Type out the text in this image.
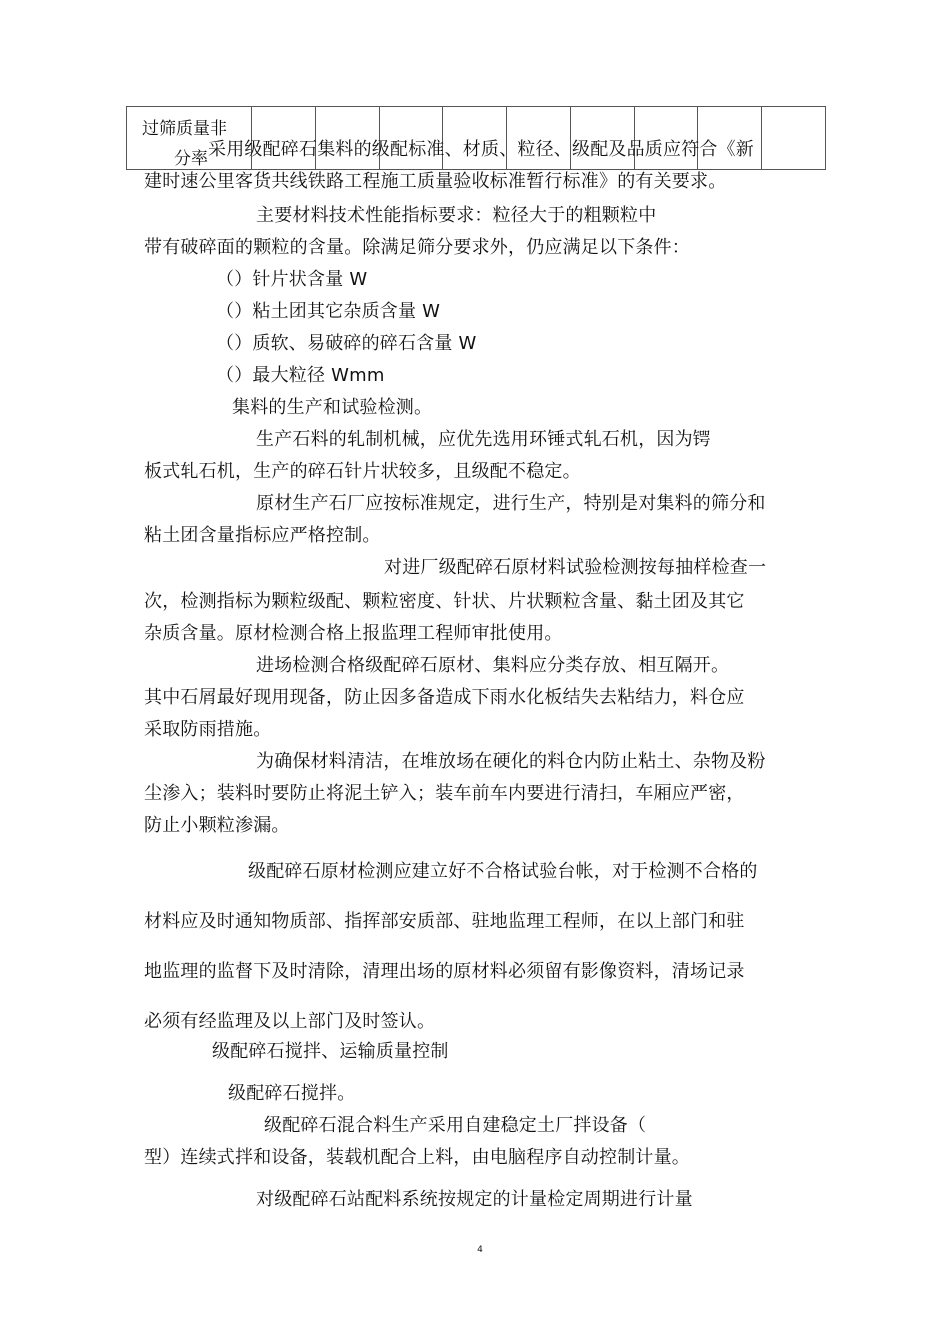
过筛质量非
分率 采用级配碎石集料的级配标准、材质、粒径、级配及品质应符合《新
建时速公里客货共线铁路工程施工质量验收标准暂行标准》的有关要求。
主要材料技术性能指标要求：粒径大于的粗颗粒中
带有破碎面的颗粒的含量。除满足筛分要求外，仍应满足以下条件：
（）针片状含量 W
（）粘土团其它杂质含量 W
（）质软、易破碎的碎石含量 W
（）最大粒径 Wmm
集料的生产和试验检测。
生产石料的轧制机械，应优先选用环锤式轧石机，因为锷
板式轧石机，生产的碎石针片状较多，且级配不稳定。
原材生产石厂应按标准规定，进行生产，特别是对集料的筛分和
粘土团含量指标应严格控制。
对进厂级配碎石原材料试验检测按每抽样检查一
次，检测指标为颗粒级配、颗粒密度、针状、片状颗粒含量、黏土团及其它
杂质含量。原材检测合格上报监理工程师审批使用。
进场检测合格级配碎石原材、集料应分类存放、相互隔开。
其中石屑最好现用现备，防止因多备造成下雨水化板结失去粘结力，料仓应
采取防雨措施。
为确保材料清洁，在堆放场在硬化的料仓内防止粘土、杂物及粉
尘渗入；装料时要防止将泥土铲入；装车前车内要进行清扫，车厢应严密，
防止小颗粒渗漏。
级配碎石原材检测应建立好不合格试验台帐，对于检测不合格的
材料应及时通知物质部、指挥部安质部、驻地监理工程师，在以上部门和驻
地监理的监督下及时清除，清理出场的原材料必须留有影像资料，清场记录
必须有经监理及以上部门及时签认。
级配碎石搅拌、运输质量控制
级配碎石搅拌。
级配碎石混合料生产采用自建稳定土厂拌设备（
型）连续式拌和设备，装载机配合上料，由电脑程序自动控制计量。
对级配碎石站配料系统按规定的计量检定周期进行计量
4
